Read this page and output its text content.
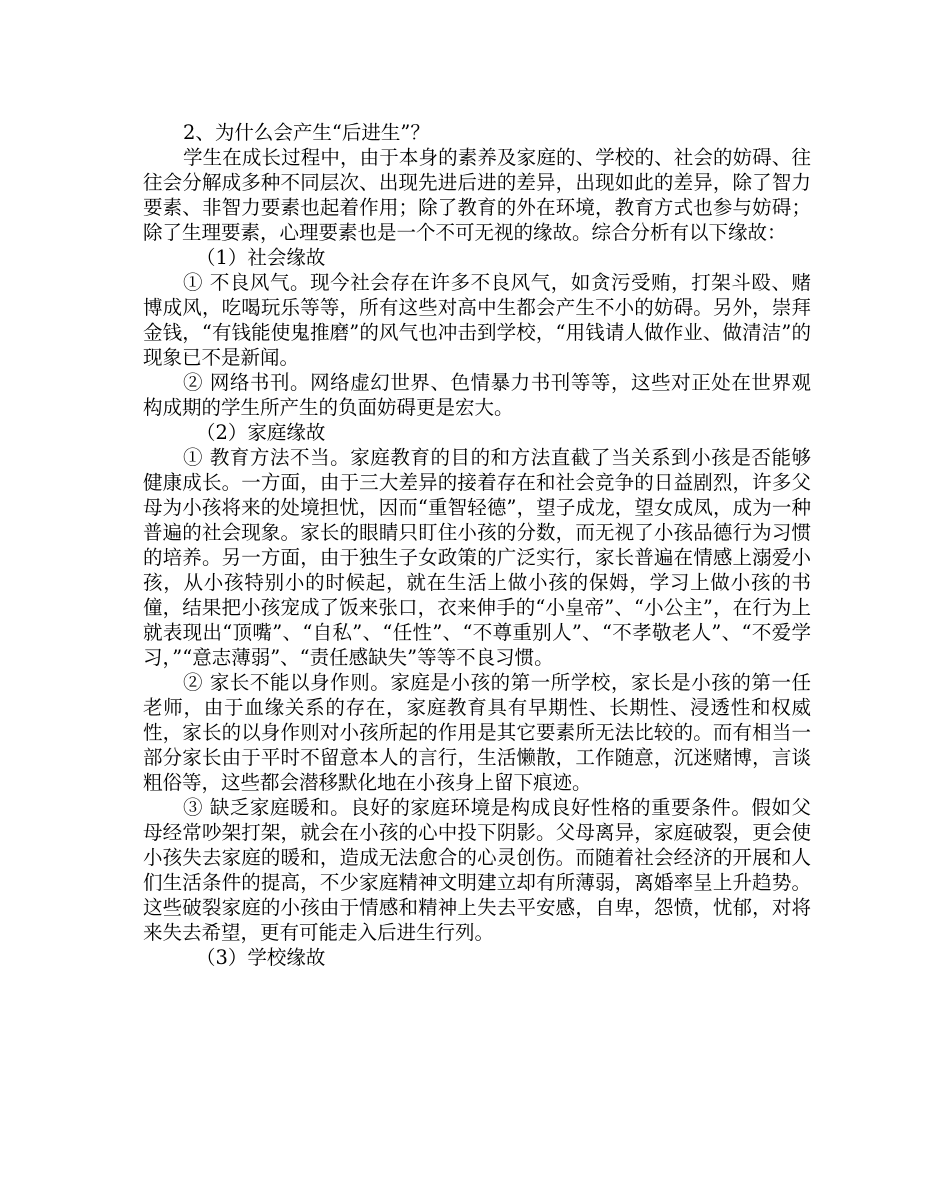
2、为什么会产生“后进生”？

学生在成长过程中，由于本身的素养及家庭的、学校的、社会的妨碍、往往会分解成多种不同层次、出现先进后进的差异，出现如此的差异，除了智力要素、非智力要素也起着作用；除了教育的外在环境，教育方式也参与妨碍；除了生理要素，心理要素也是一个不可无视的缘故。综合分析有以下缘故：

（1）社会缘故

① 不良风气。现今社会存在许多不良风气，如贪污受贿，打架斗殴、赌博成风，吃喝玩乐等等，所有这些对高中生都会产生不小的妨碍。另外，崇拜金钱，“有钱能使鬼推磨”的风气也冲击到学校，“用钱请人做作业、做清洁”的现象已不是新闻。

② 网络书刊。网络虚幻世界、色情暴力书刊等等，这些对正处在世界观构成期的学生所产生的负面妨碍更是宏大。

（2）家庭缘故

① 教育方法不当。家庭教育的目的和方法直截了当关系到小孩是否能够健康成长。一方面，由于三大差异的接着存在和社会竞争的日益剧烈，许多父母为小孩将来的处境担忧，因而“重智轻德”，望子成龙，望女成凤，成为一种普遍的社会现象。家长的眼睛只盯住小孩的分数，而无视了小孩品德行为习惯的培养。另一方面，由于独生子女政策的广泛实行，家长普遍在情感上溺爱小孩，从小孩特别小的时候起，就在生活上做小孩的保姆，学习上做小孩的书僮，结果把小孩宠成了饭来张口，衣来伸手的“小皇帝”、“小公主”，在行为上就表现出“顶嘴”、“自私”、“任性”、“不尊重别人”、“不孝敬老人”、“不爱学习，”“意志薄弱”、“责任感缺失”等等不良习惯。

② 家长不能以身作则。家庭是小孩的第一所学校，家长是小孩的第一任老师，由于血缘关系的存在，家庭教育具有早期性、长期性、浸透性和权威性，家长的以身作则对小孩所起的作用是其它要素所无法比较的。而有相当一部分家长由于平时不留意本人的言行，生活懒散，工作随意，沉迷赌博，言谈粗俗等，这些都会潜移默化地在小孩身上留下痕迹。

③ 缺乏家庭暖和。良好的家庭环境是构成良好性格的重要条件。假如父母经常吵架打架，就会在小孩的心中投下阴影。父母离异，家庭破裂，更会使小孩失去家庭的暖和，造成无法愈合的心灵创伤。而随着社会经济的开展和人们生活条件的提高，不少家庭精神文明建立却有所薄弱，离婚率呈上升趋势。这些破裂家庭的小孩由于情感和精神上失去平安感，自卑，怨愤，忧郁，对将来失去希望，更有可能走入后进生行列。

（3）学校缘故
